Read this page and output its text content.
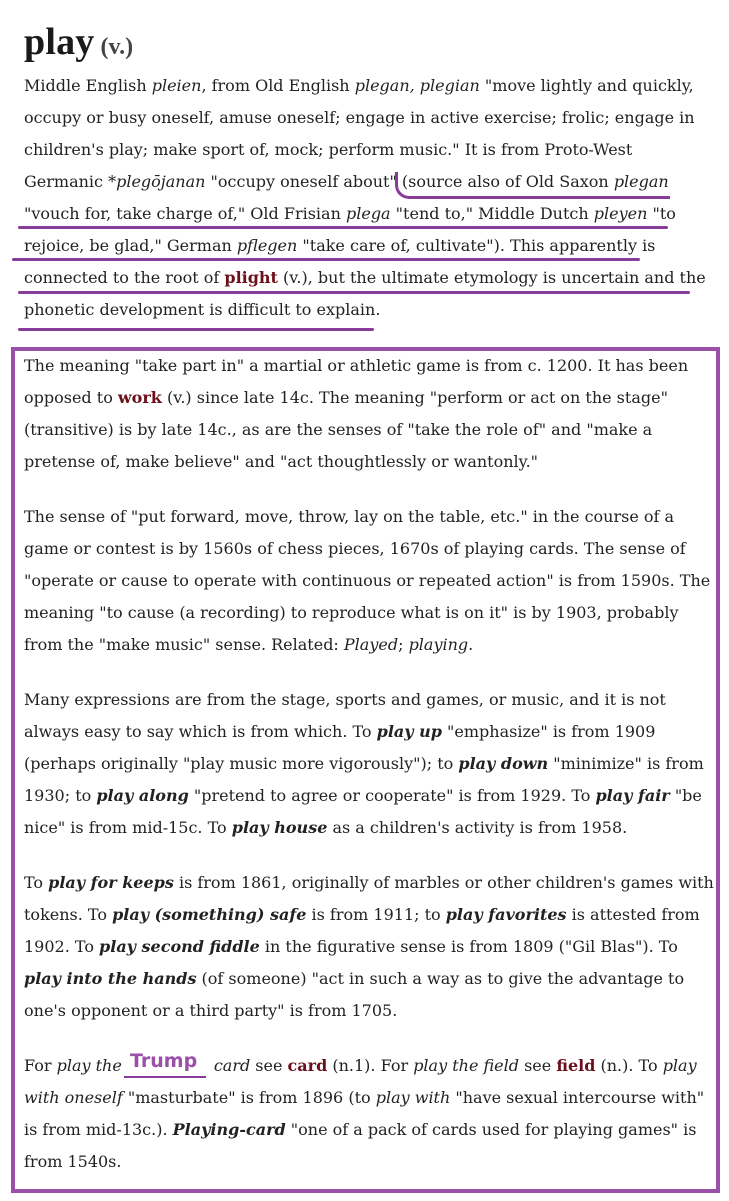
play (v.)

Middle English pleien, from Old English plegan, plegian "move lightly and quickly, occupy or busy oneself, amuse oneself; engage in active exercise; frolic; engage in children's play; make sport of, mock; perform music." It is from Proto-West Germanic *plegōjanan "occupy oneself about" (source also of Old Saxon plegan "vouch for, take charge of," Old Frisian plega "tend to," Middle Dutch pleyen "to rejoice, be glad," German pflegen "take care of, cultivate"). This apparently is connected to the root of plight (v.), but the ultimate etymology is uncertain and the phonetic development is difficult to explain.

The meaning "take part in" a martial or athletic game is from c. 1200. It has been opposed to work (v.) since late 14c. The meaning "perform or act on the stage" (transitive) is by late 14c., as are the senses of "take the role of" and "make a pretense of, make believe" and "act thoughtlessly or wantonly."

The sense of "put forward, move, throw, lay on the table, etc." in the course of a game or contest is by 1560s of chess pieces, 1670s of playing cards. The sense of "operate or cause to operate with continuous or repeated action" is from 1590s. The meaning "to cause (a recording) to reproduce what is on it" is by 1903, probably from the "make music" sense. Related: Played; playing.

Many expressions are from the stage, sports and games, or music, and it is not always easy to say which is from which. To play up "emphasize" is from 1909 (perhaps originally "play music more vigorously"); to play down "minimize" is from 1930; to play along "pretend to agree or cooperate" is from 1929. To play fair "be nice" is from mid-15c. To play house as a children's activity is from 1958.

To play for keeps is from 1861, originally of marbles or other children's games with tokens. To play (something) safe is from 1911; to play favorites is attested from 1902. To play second fiddle in the figurative sense is from 1809 ("Gil Blas"). To play into the hands (of someone) "act in such a way as to give the advantage to one's opponent or a third party" is from 1705.

For play the	card see card (n.1). For play the field see field (n.). To play with oneself "masturbate" is from 1896 (to play with "have sexual intercourse with" is from mid-13c.). Playing-card "one of a pack of cards used for playing games" is from 1540s.

Trump
